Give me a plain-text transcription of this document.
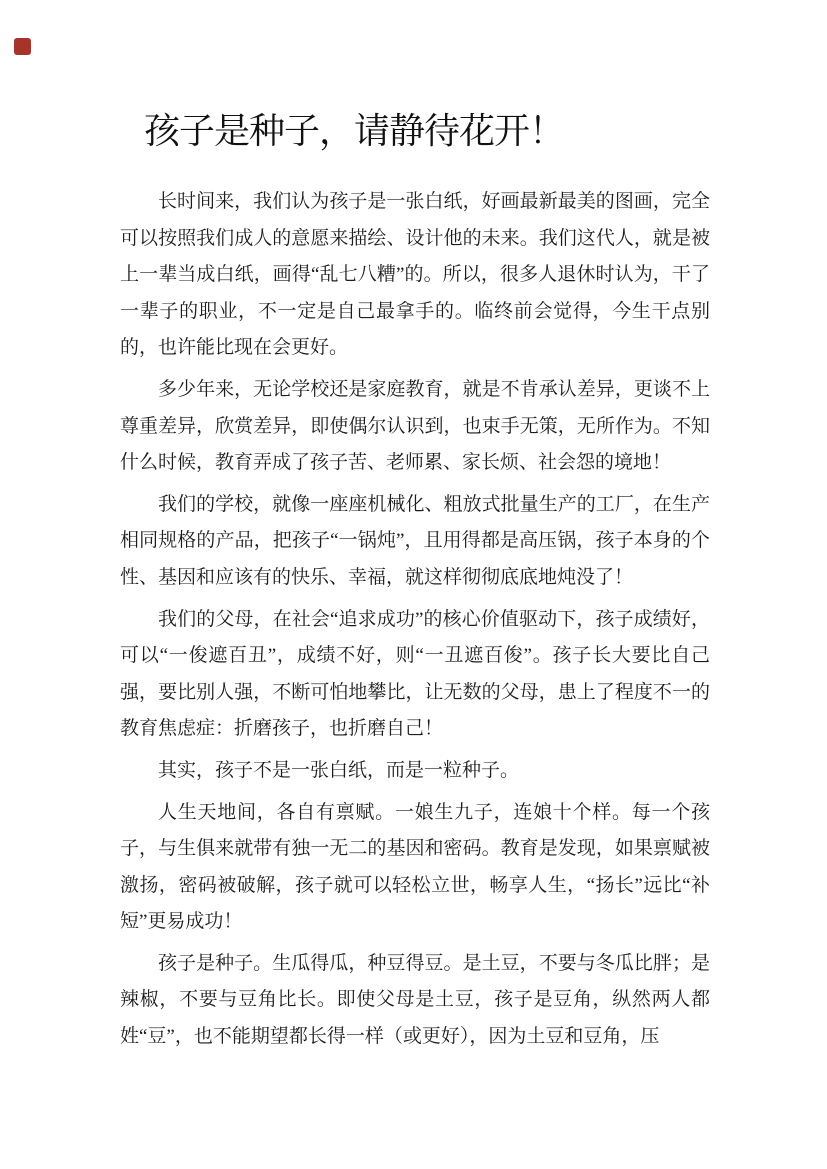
孩子是种子，请静待花开！

长时间来，我们认为孩子是一张白纸，好画最新最美的图画，完全可以按照我们成人的意愿来描绘、设计他的未来。我们这代人，就是被上一辈当成白纸，画得“乱七八糟”的。所以，很多人退休时认为，干了一辈子的职业，不一定是自己最拿手的。临终前会觉得，今生干点别的，也许能比现在会更好。

多少年来，无论学校还是家庭教育，就是不肯承认差异，更谈不上尊重差异，欣赏差异，即使偶尔认识到，也束手无策，无所作为。不知什么时候，教育弄成了孩子苦、老师累、家长烦、社会怨的境地！

我们的学校，就像一座座机械化、粗放式批量生产的工厂，在生产相同规格的产品，把孩子“一锅炖”，且用得都是高压锅，孩子本身的个性、基因和应该有的快乐、幸福，就这样彻彻底底地炖没了！

我们的父母，在社会“追求成功”的核心价值驱动下，孩子成绩好，可以“一俊遮百丑”，成绩不好，则“一丑遮百俊”。孩子长大要比自己强，要比别人强，不断可怕地攀比，让无数的父母，患上了程度不一的教育焦虑症：折磨孩子，也折磨自己！

其实，孩子不是一张白纸，而是一粒种子。

人生天地间，各自有禀赋。一娘生九子，连娘十个样。每一个孩子，与生俱来就带有独一无二的基因和密码。教育是发现，如果禀赋被激扬，密码被破解，孩子就可以轻松立世，畅享人生，“扬长”远比“补短”更易成功！

孩子是种子。生瓜得瓜，种豆得豆。是土豆，不要与冬瓜比胖；是辣椒，不要与豆角比长。即使父母是土豆，孩子是豆角，纵然两人都姓“豆”，也不能期望都长得一样（或更好），因为土豆和豆角，压
